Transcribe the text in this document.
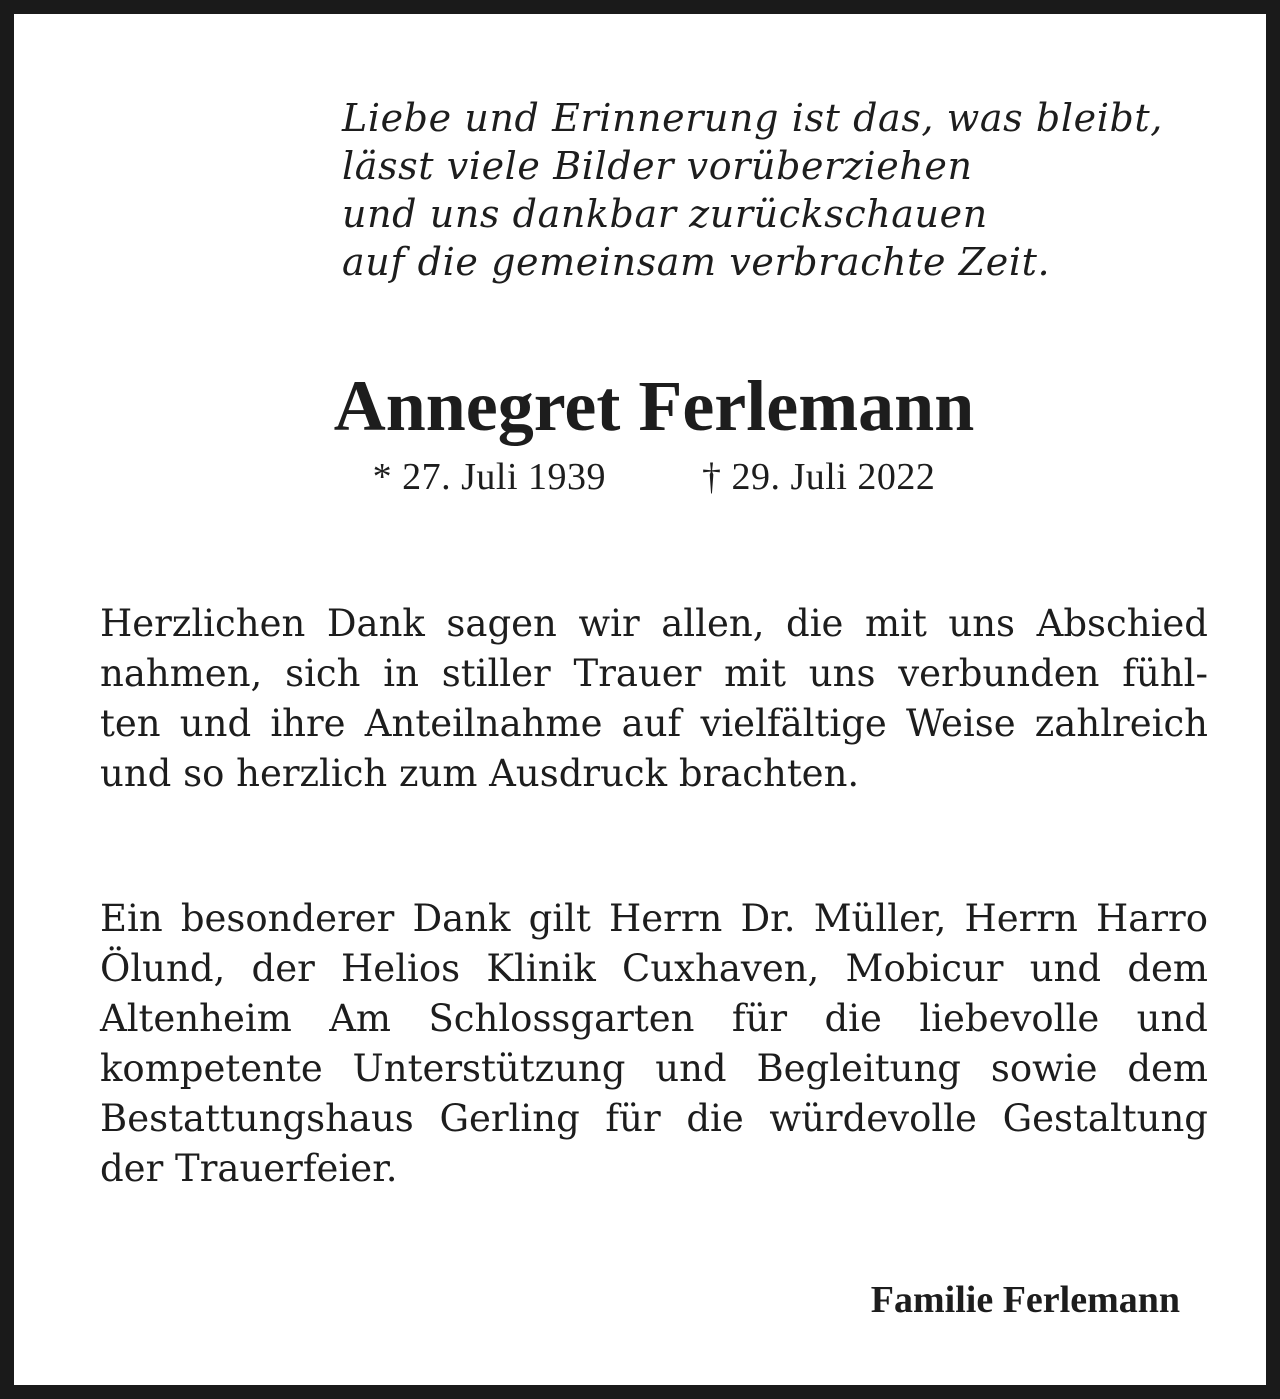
Liebe und Erinnerung ist das, was bleibt,
lässt viele Bilder vorüberziehen
und uns dankbar zurückschauen
auf die gemeinsam verbrachte Zeit.
Annegret Ferlemann
* 27. Juli 1939	† 29. Juli 2022
Herzlichen Dank sagen wir allen, die mit uns Abschied
nahmen, sich in stiller Trauer mit uns verbunden fühl-
ten und ihre Anteilnahme auf vielfältige Weise zahlreich
und so herzlich zum Ausdruck brachten.
Ein besonderer Dank gilt Herrn Dr. Müller, Herrn Harro
Ölund, der Helios Klinik Cuxhaven, Mobicur und dem
Altenheim Am Schlossgarten für die liebevolle und
kompetente Unterstützung und Begleitung sowie dem
Bestattungshaus Gerling für die würdevolle Gestaltung
der Trauerfeier.
Familie Ferlemann
